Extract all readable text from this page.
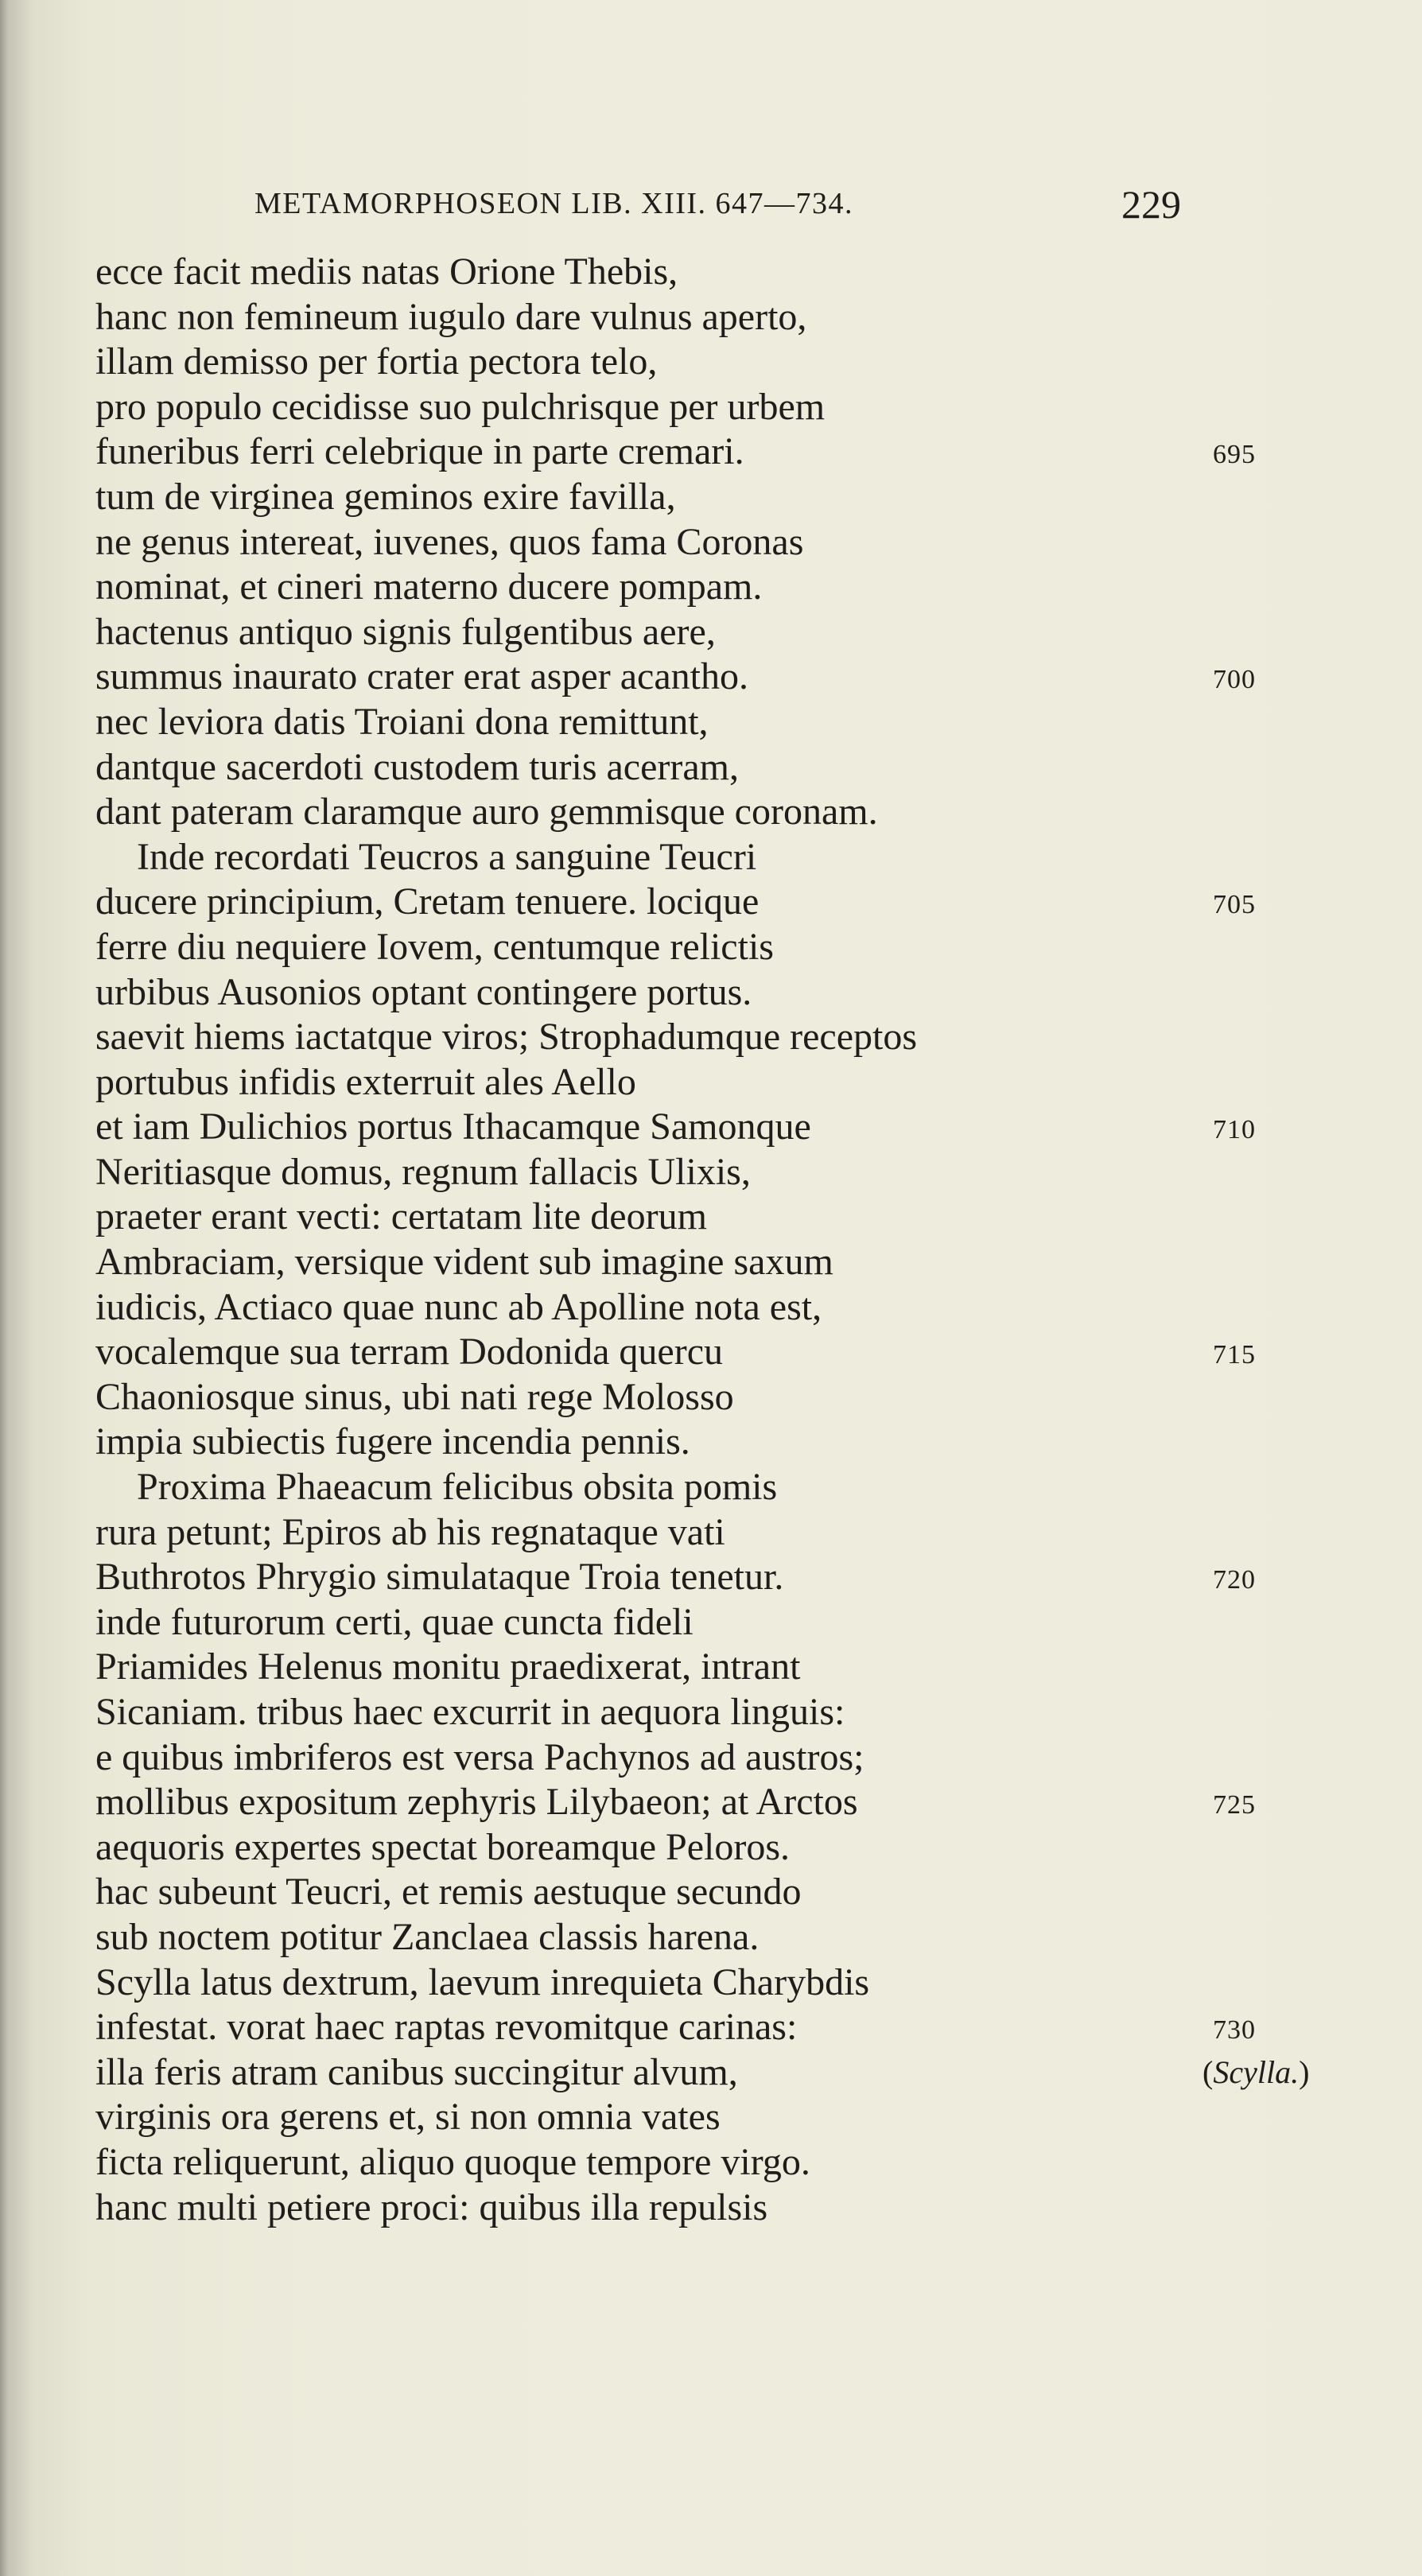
METAMORPHOSEON LIB. XIII. 647—734.	229
ecce facit mediis natas Orione Thebis,
hanc non femineum iugulo dare vulnus aperto,
illam demisso per fortia pectora telo,
pro populo cecidisse suo pulchrisque per urbem
funeribus ferri celebrique in parte cremari.	695
tum de virginea geminos exire favilla,
ne genus intereat, iuvenes, quos fama Coronas
nominat, et cineri materno ducere pompam.
hactenus antiquo signis fulgentibus aere,
summus inaurato crater erat asper acantho.	700
nec leviora datis Troiani dona remittunt,
dantque sacerdoti custodem turis acerram,
dant pateram claramque auro gemmisque coronam.
Inde recordati Teucros a sanguine Teucri
ducere principium, Cretam tenuere. locique	705
ferre diu nequiere Iovem, centumque relictis
urbibus Ausonios optant contingere portus.
saevit hiems iactatque viros; Strophadumque receptos
portubus infidis exterruit ales Aello
et iam Dulichios portus Ithacamque Samonque	710
Neritiasque domus, regnum fallacis Ulixis,
praeter erant vecti: certatam lite deorum
Ambraciam, versique vident sub imagine saxum
iudicis, Actiaco quae nunc ab Apolline nota est,
vocalemque sua terram Dodonida quercu	715
Chaoniosque sinus, ubi nati rege Molosso
impia subiectis fugere incendia pennis.
Proxima Phaeacum felicibus obsita pomis
rura petunt; Epiros ab his regnataque vati
Buthrotos Phrygio simulataque Troia tenetur.	720
inde futurorum certi, quae cuncta fideli
Priamides Helenus monitu praedixerat, intrant
Sicaniam. tribus haec excurrit in aequora linguis:
e quibus imbriferos est versa Pachynos ad austros;
mollibus expositum zephyris Lilybaeon; at Arctos	725
aequoris expertes spectat boreamque Peloros.
hac subeunt Teucri, et remis aestuque secundo
sub noctem potitur Zanclaea classis harena.
Scylla latus dextrum, laevum inrequieta Charybdis
infestat. vorat haec raptas revomitque carinas:	730
illa feris atram canibus succingitur alvum,	(Scylla.)
virginis ora gerens et, si non omnia vates
ficta reliquerunt, aliquo quoque tempore virgo.
hanc multi petiere proci: quibus illa repulsis
